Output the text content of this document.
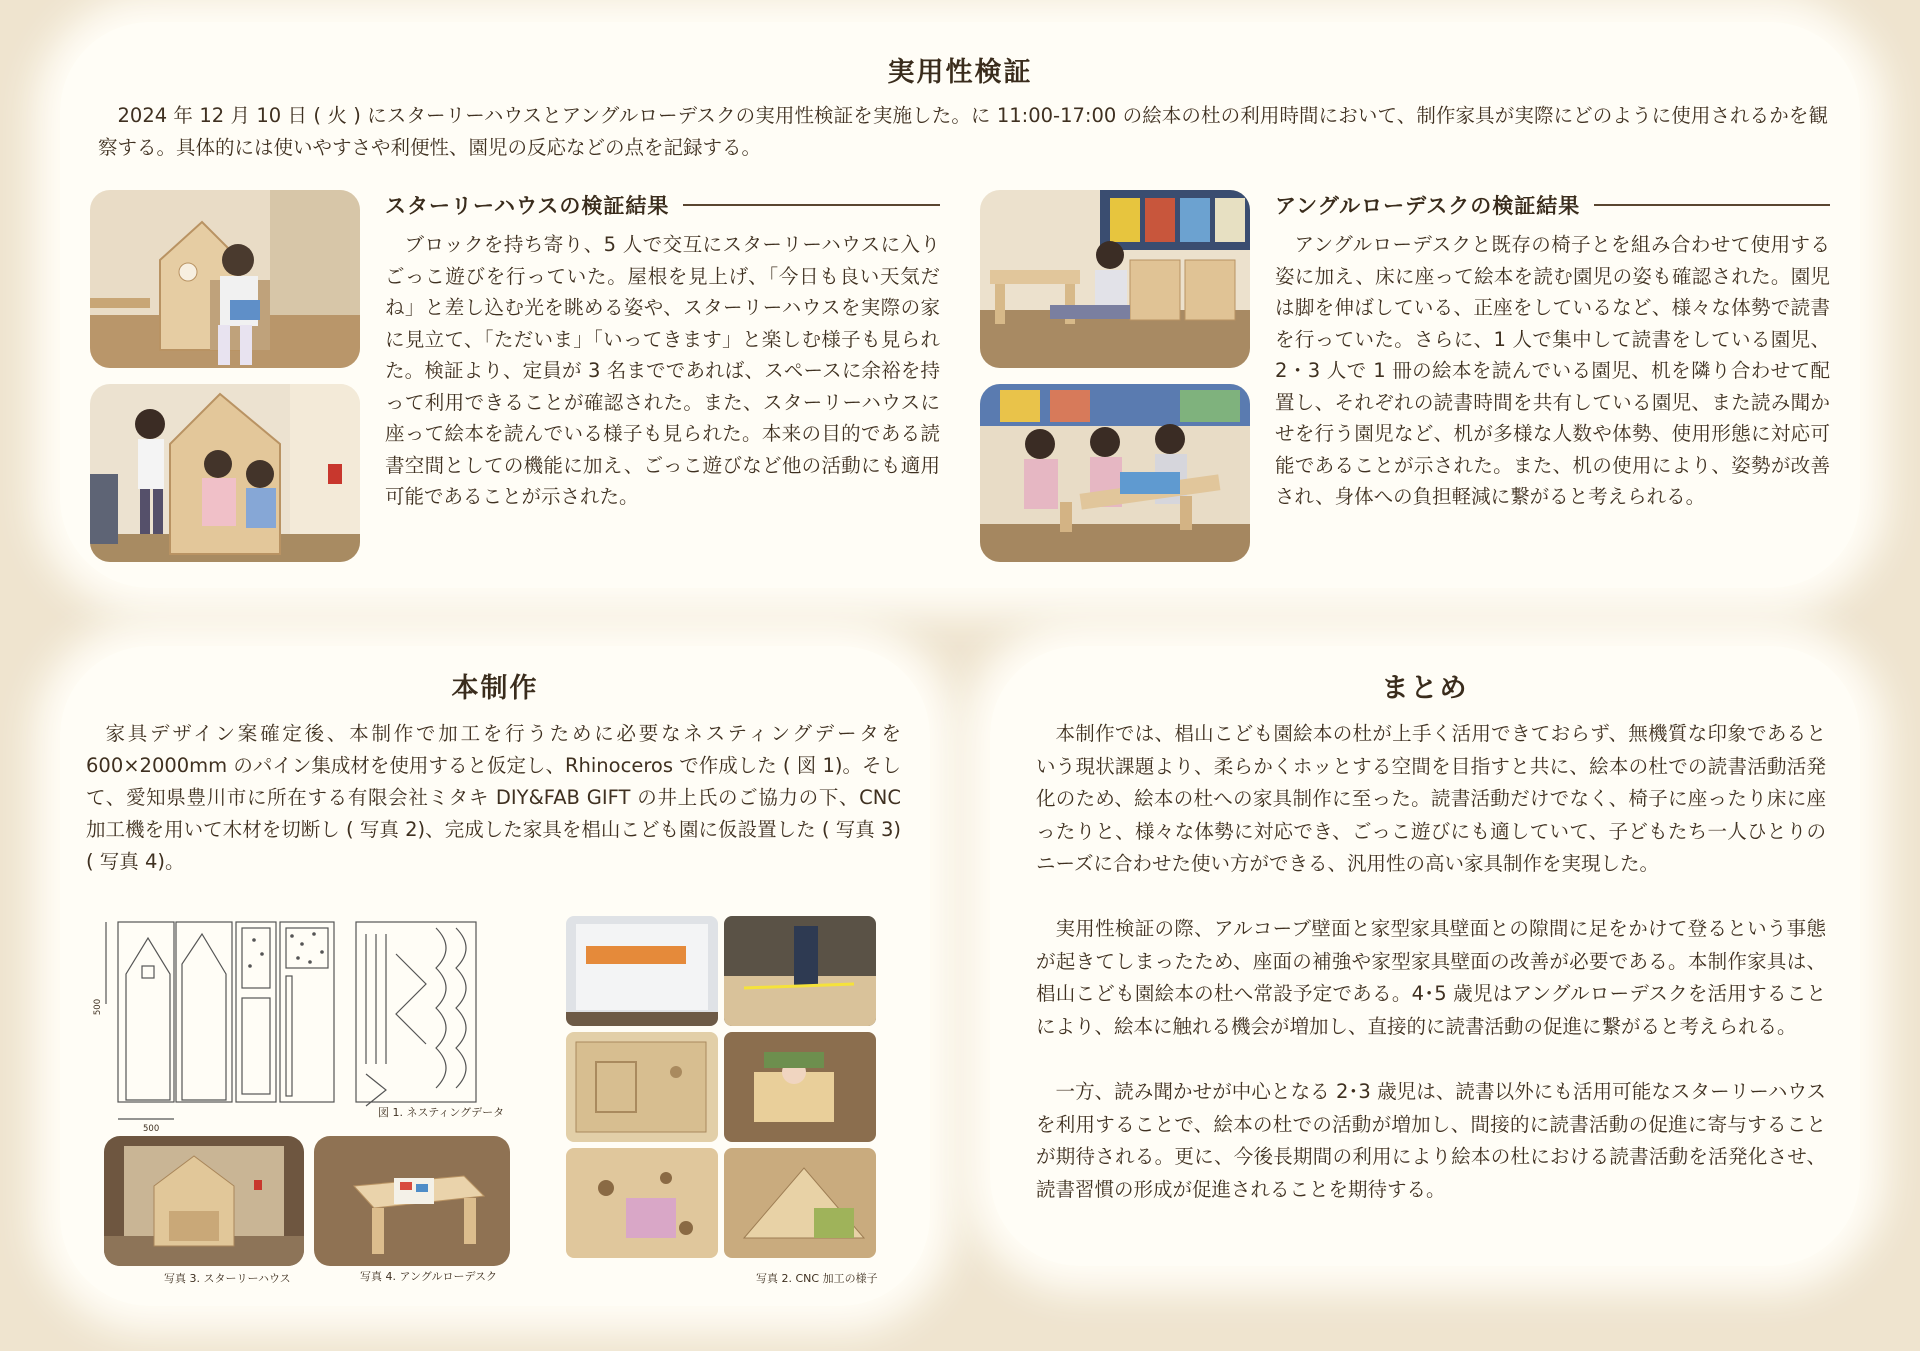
実用性検証

2024 年 12 月 10 日 ( 火 ) にスターリーハウスとアングルローデスクの実用性検証を実施した。に 11:00-17:00 の絵本の杜の利用時間において、制作家具が実際にどのように使用されるかを観察する。具体的には使いやすさや利便性、園児の反応などの点を記録する。

スターリーハウスの検証結果

ブロックを持ち寄り、5 人で交互にスターリーハウスに入りごっこ遊びを行っていた。屋根を見上げ、「今日も良い天気だね」と差し込む光を眺める姿や、スターリーハウスを実際の家に見立て、「ただいま」「いってきます」と楽しむ様子も見られた。検証より、定員が 3 名までであれば、スペースに余裕を持って利用できることが確認された。また、スターリーハウスに座って絵本を読んでいる様子も見られた。本来の目的である読書空間としての機能に加え、ごっこ遊びなど他の活動にも適用可能であることが示された。

アングルローデスクの検証結果

アングルローデスクと既存の椅子とを組み合わせて使用する姿に加え、床に座って絵本を読む園児の姿も確認された。園児は脚を伸ばしている、正座をしているなど、様々な体勢で読書を行っていた。さらに、1 人で集中して読書をしている園児、2・3 人で 1 冊の絵本を読んでいる園児、机を隣り合わせて配置し、それぞれの読書時間を共有している園児、また読み聞かせを行う園児など、机が多様な人数や体勢、使用形態に対応可能であることが示された。また、机の使用により、姿勢が改善され、身体への負担軽減に繋がると考えられる。

本制作

家具デザイン案確定後、本制作で加工を行うために必要なネスティングデータを 600×2000mm のパイン集成材を使用すると仮定し、Rhinoceros で作成した ( 図 1)。そして、愛知県豊川市に所在する有限会社ミタキ DIY&FAB GIFT の井上氏のご協力の下、CNC 加工機を用いて木材を切断し ( 写真 2)、完成した家具を椙山こども園に仮設置した ( 写真 3)( 写真 4)。

500
500
図 1. ネスティングデータ
写真 3. スターリーハウス	写真 4. アングルローデスク	写真 2. CNC 加工の様子
まとめ

本制作では、椙山こども園絵本の杜が上手く活用できておらず、無機質な印象であるという現状課題より、柔らかくホッとする空間を目指すと共に、絵本の杜での読書活動活発化のため、絵本の杜への家具制作に至った。読書活動だけでなく、椅子に座ったり床に座ったりと、様々な体勢に対応でき、ごっこ遊びにも適していて、子どもたち一人ひとりのニーズに合わせた使い方ができる、汎用性の高い家具制作を実現した。

実用性検証の際、アルコーブ壁面と家型家具壁面との隙間に足をかけて登るという事態が起きてしまったため、座面の補強や家型家具壁面の改善が必要である。本制作家具は、椙山こども園絵本の杜へ常設予定である。4･5 歳児はアングルローデスクを活用することにより、絵本に触れる機会が増加し、直接的に読書活動の促進に繋がると考えられる。

一方、読み聞かせが中心となる 2･3 歳児は、読書以外にも活用可能なスターリーハウスを利用することで、絵本の杜での活動が増加し、間接的に読書活動の促進に寄与することが期待される。更に、今後長期間の利用により絵本の杜における読書活動を活発化させ、読書習慣の形成が促進されることを期待する。
